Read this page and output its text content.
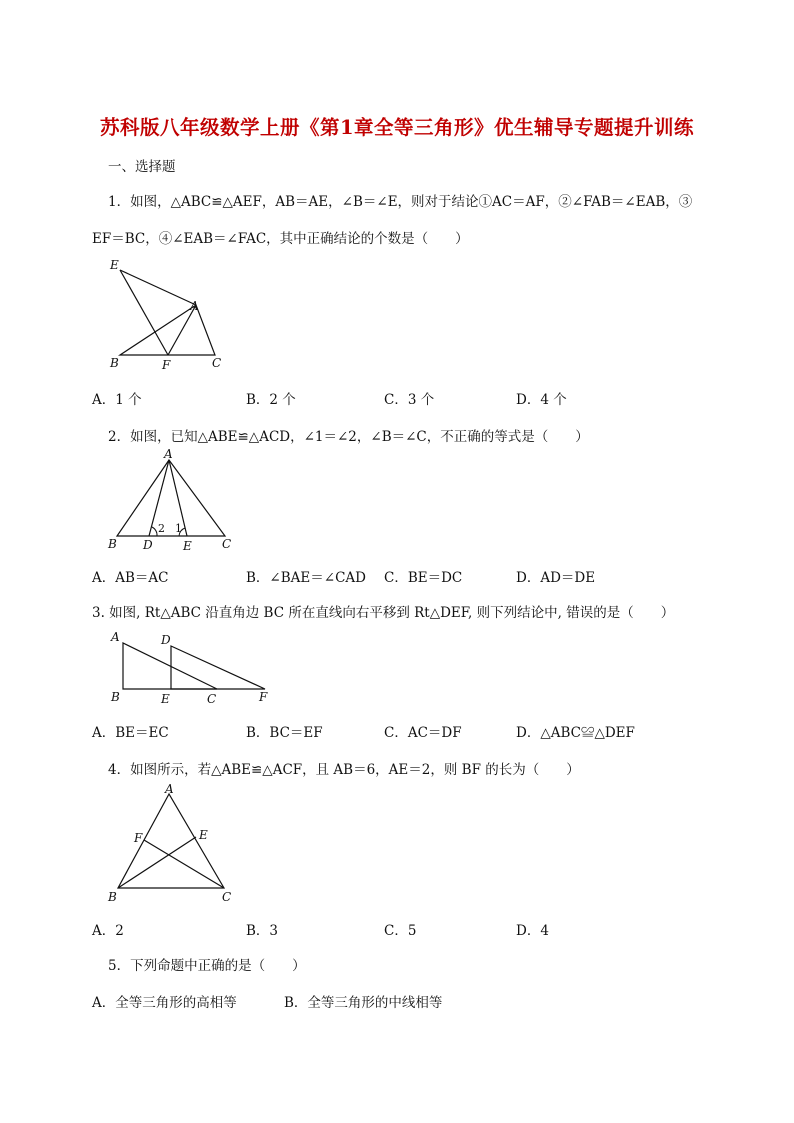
苏科版八年级数学上册《第1章全等三角形》优生辅导专题提升训练
一、选择题
1．如图，△ABC≌△AEF，AB＝AE，∠B＝∠E，则对于结论①AC＝AF，②∠FAB＝∠EAB，③
EF＝BC，④∠EAB＝∠FAC，其中正确结论的个数是（　　）
E
A
B	F	C
A．1 个	B．2 个	C．3 个	D．4 个
2．如图，已知△ABE≌△ACD，∠1＝∠2，∠B＝∠C，不正确的等式是（　　）
A
B D	E	C
2 1
A．AB＝AC	B．∠BAE＝∠CAD C．BE＝DC	D．AD＝DE
3. 如图, Rt△ABC 沿直角边 BC 所在直线向右平移到 Rt△DEF, 则下列结论中, 错误的是（　　）
A	D
B	E	C	F
A．BE＝EC	B．BC＝EF	C．AC＝DF	D．△ABC≌△DEF
4．如图所示，若△ABE≌△ACF，且 AB＝6，AE＝2，则 BF 的长为（　　）
A
F	E
B	C
A．2	B．3	C．5	D．4
5．下列命题中正确的是（　　）
A．全等三角形的高相等	B．全等三角形的中线相等
